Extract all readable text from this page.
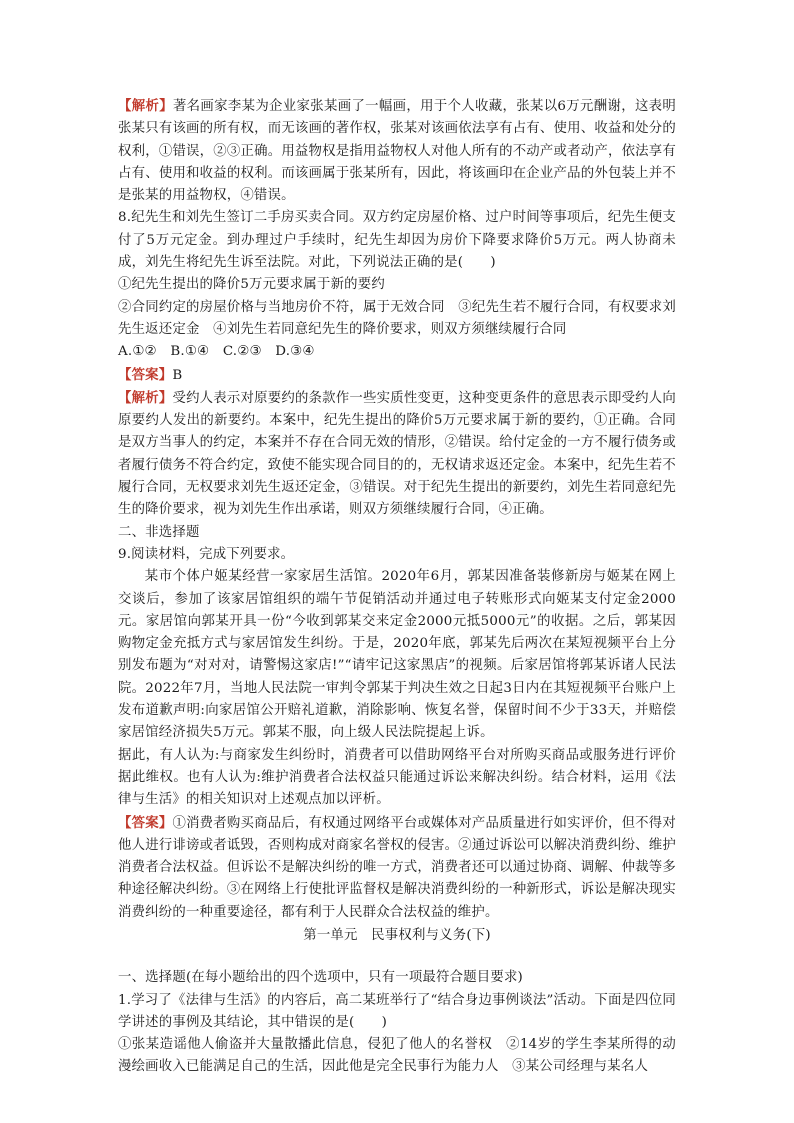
【解析】著名画家李某为企业家张某画了一幅画，用于个人收藏，张某以6万元酬谢，这表明张某只有该画的所有权，而无该画的著作权，张某对该画依法享有占有、使用、收益和处分的权利，①错误，②③正确。用益物权是指用益物权人对他人所有的不动产或者动产，依法享有占有、使用和收益的权利。而该画属于张某所有，因此，将该画印在企业产品的外包装上并不是张某的用益物权，④错误。

8.纪先生和刘先生签订二手房买卖合同。双方约定房屋价格、过户时间等事项后，纪先生便支付了5万元定金。到办理过户手续时，纪先生却因为房价下降要求降价5万元。两人协商未成，刘先生将纪先生诉至法院。对此，下列说法正确的是(　　)

①纪先生提出的降价5万元要求属于新的要约

②合同约定的房屋价格与当地房价不符，属于无效合同　③纪先生若不履行合同，有权要求刘先生返还定金　④刘先生若同意纪先生的降价要求，则双方须继续履行合同

A.①②　B.①④　C.②③　D.③④

【答案】B

【解析】受约人表示对原要约的条款作一些实质性变更，这种变更条件的意思表示即受约人向原要约人发出的新要约。本案中，纪先生提出的降价5万元要求属于新的要约，①正确。合同是双方当事人的约定，本案并不存在合同无效的情形，②错误。给付定金的一方不履行债务或者履行债务不符合约定，致使不能实现合同目的的，无权请求返还定金。本案中，纪先生若不履行合同，无权要求刘先生返还定金，③错误。对于纪先生提出的新要约，刘先生若同意纪先生的降价要求，视为刘先生作出承诺，则双方须继续履行合同，④正确。

二、非选择题

9.阅读材料，完成下列要求。

某市个体户姬某经营一家家居生活馆。2020年6月，郭某因准备装修新房与姬某在网上交谈后，参加了该家居馆组织的端午节促销活动并通过电子转账形式向姬某支付定金2000元。家居馆向郭某开具一份“今收到郭某交来定金2000元抵5000元”的收据。之后，郭某因购物定金充抵方式与家居馆发生纠纷。于是，2020年底，郭某先后两次在某短视频平台上分别发布题为“对对对，请警惕这家店!”“请牢记这家黑店”的视频。后家居馆将郭某诉诸人民法院。2022年7月，当地人民法院一审判令郭某于判决生效之日起3日内在其短视频平台账户上发布道歉声明:向家居馆公开赔礼道歉，消除影响、恢复名誉，保留时间不少于33天，并赔偿家居馆经济损失5万元。郭某不服，向上级人民法院提起上诉。

据此，有人认为:与商家发生纠纷时，消费者可以借助网络平台对所购买商品或服务进行评价据此维权。也有人认为:维护消费者合法权益只能通过诉讼来解决纠纷。结合材料，运用《法律与生活》的相关知识对上述观点加以评析。

【答案】①消费者购买商品后，有权通过网络平台或媒体对产品质量进行如实评价，但不得对他人进行诽谤或者诋毁，否则构成对商家名誉权的侵害。②通过诉讼可以解决消费纠纷、维护消费者合法权益。但诉讼不是解决纠纷的唯一方式，消费者还可以通过协商、调解、仲裁等多种途径解决纠纷。③在网络上行使批评监督权是解决消费纠纷的一种新形式，诉讼是解决现实消费纠纷的一种重要途径，都有利于人民群众合法权益的维护。

第一单元　民事权利与义务(下)

一、选择题(在每小题给出的四个选项中，只有一项最符合题目要求)

1.学习了《法律与生活》的内容后，高二某班举行了“结合身边事例谈法”活动。下面是四位同学讲述的事例及其结论，其中错误的是(　　)

①张某造谣他人偷盗并大量散播此信息，侵犯了他人的名誉权　②14岁的学生李某所得的动漫绘画收入已能满足自己的生活，因此他是完全民事行为能力人　③某公司经理与某名人
